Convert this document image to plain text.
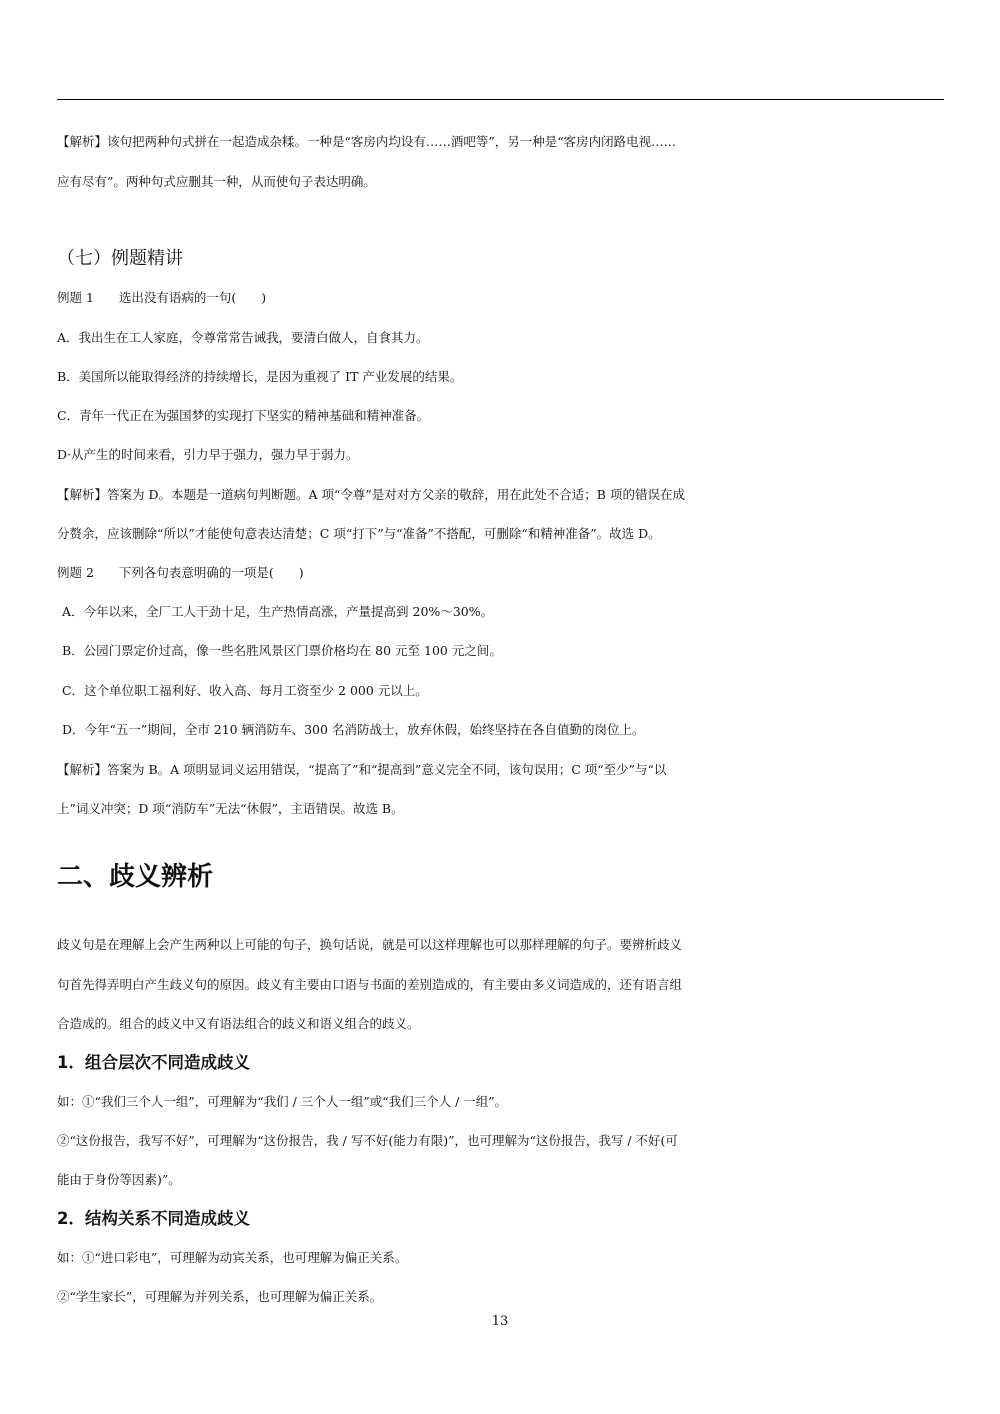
【解析】该句把两种句式拼在一起造成杂糅。一种是“客房内均设有……酒吧等”，另一种是“客房内闭路电视……
应有尽有”。两种句式应删其一种，从而使句子表达明确。
（七）例题精讲
例题 1　　选出没有语病的一句(　　)
A．我出生在工人家庭，令尊常常告诫我，要清白做人，自食其力。
B．美国所以能取得经济的持续增长，是因为重视了 IT 产业发展的结果。
C．青年一代正在为强国梦的实现打下坚实的精神基础和精神准备。
D·从产生的时间来看，引力早于强力，强力早于弱力。
【解析】答案为 D。本题是一道病句判断题。A 项“令尊”是对对方父亲的敬辞，用在此处不合适；B 项的错误在成
分赘余，应该删除“所以”才能使句意表达清楚；C 项“打下”与“准备”不搭配，可删除“和精神准备”。故选 D。
例题 2　　下列各句表意明确的一项是(　　)
A．今年以来，全厂工人干劲十足，生产热情高涨，产量提高到 20%～30%。
B．公园门票定价过高，像一些名胜风景区门票价格均在 80 元至 100 元之间。
C．这个单位职工福利好、收入高、每月工资至少 2 000 元以上。
D．今年“五一”期间，全市 210 辆消防车、300 名消防战士，放弃休假，始终坚持在各自值勤的岗位上。
【解析】答案为 B。A 项明显词义运用错误，“提高了”和“提高到”意义完全不同，该句误用；C 项“至少”与“以
上”词义冲突；D 项“消防车”无法“休假”，主语错误。故选 B。
二、歧义辨析
歧义句是在理解上会产生两种以上可能的句子，换句话说，就是可以这样理解也可以那样理解的句子。要辨析歧义
句首先得弄明白产生歧义句的原因。歧义有主要由口语与书面的差别造成的，有主要由多义词造成的，还有语言组
合造成的。组合的歧义中又有语法组合的歧义和语义组合的歧义。
1．组合层次不同造成歧义
如：①“我们三个人一组”，可理解为“我们 / 三个人一组”或“我们三个人 / 一组”。
②“这份报告，我写不好”，可理解为“这份报告，我 / 写不好(能力有限)”，也可理解为“这份报告，我写 / 不好(可
能由于身份等因素)”。
2．结构关系不同造成歧义
如：①“进口彩电”，可理解为动宾关系，也可理解为偏正关系。
②“学生家长”，可理解为并列关系，也可理解为偏正关系。
13
